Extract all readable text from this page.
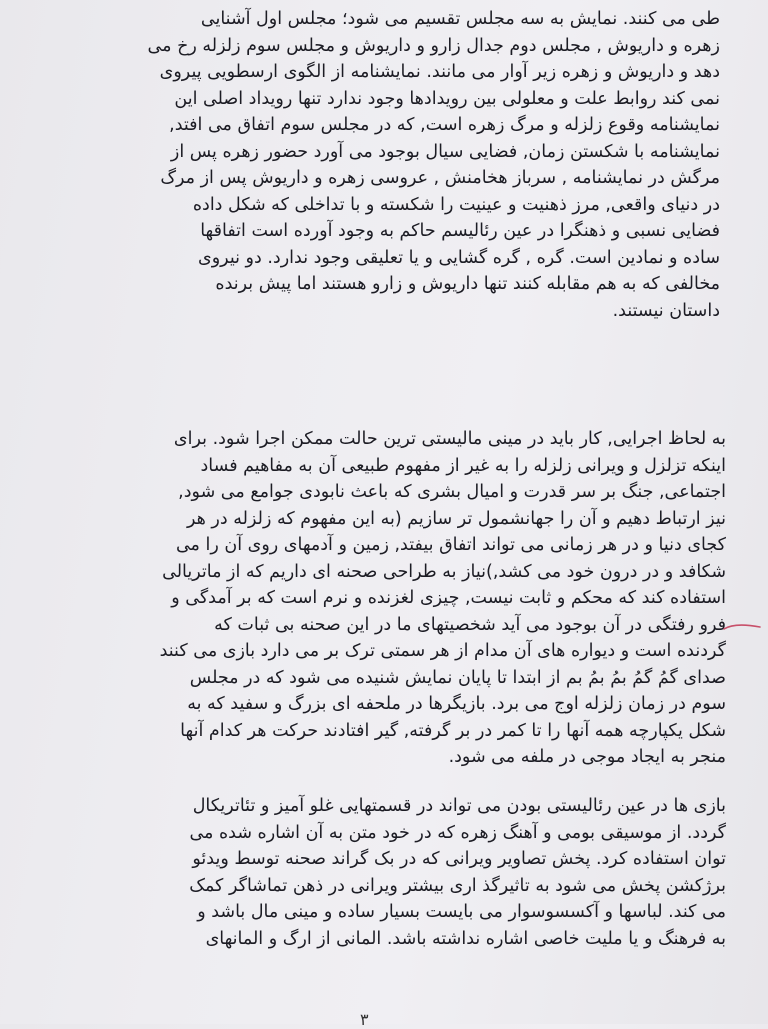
طی می کنند. نمایش به سه مجلس تقسیم می شود؛ مجلس اول آشنایی
زهره و داریوش , مجلس دوم جدال زارو و داریوش و مجلس سوم زلزله رخ می
دهد و داریوش و زهره زیر آوار می مانند. نمایشنامه از الگوی ارسطویی پیروی
نمی کند روابط علت و معلولی بین رویدادها وجود ندارد تنها رویداد اصلی این
نمایشنامه وقوع زلزله و مرگ زهره است, که در مجلس سوم اتفاق می افتد,
نمایشنامه با شکستن زمان, فضایی سیال بوجود می آورد حضور زهره پس از
مرگش در نمایشنامه , سرباز هخامنش , عروسی زهره و داریوش پس از مرگ
در دنیای واقعی, مرز ذهنیت و عینیت را شکسته و با تداخلی که شکل داده
فضایی نسبی و ذهنگرا در عین رئالیسم حاکم به وجود آورده است اتفاقها
ساده و نمادین است. گره , گره گشایی و یا تعلیقی وجود ندارد. دو نیروی
مخالفی که به هم مقابله کنند تنها داریوش و زارو هستند اما پیش برنده
داستان نیستند.
به لحاظ اجرایی, کار باید در مینی مالیستی ترین حالت ممکن اجرا شود. برای
اینکه تزلزل و ویرانی زلزله را به غیر از مفهوم طبیعی آن به مفاهیم فساد
اجتماعی, جنگ بر سر قدرت و امیال بشری که باعث نابودی جوامع می شود,
نیز ارتباط دهیم و آن را جهانشمول تر سازیم (به این مفهوم که زلزله در هر
کجای دنیا و در هر زمانی می تواند اتفاق بیفتد, زمین و آدمهای روی آن را می
شکافد و در درون خود می کشد,)نیاز به طراحی صحنه ای داریم که از ماتریالی
استفاده کند که محکم و ثابت نیست, چیزی لغزنده و نرم است که بر آمدگی و
فرو رفتگی در آن بوجود می آید شخصیتهای ما در این صحنه بی ثبات که
گردنده است و دیواره های آن مدام از هر سمتی ترک بر می دارد بازی می کنند
صدای گمُ گمُ بمُ بمُ بم از ابتدا تا پایان نمایش شنیده می شود که در مجلس
سوم در زمان زلزله اوج می برد. بازیگرها در ملحفه ای بزرگ و سفید که به
شکل یکپارچه همه آنها را تا کمر در بر گرفته, گیر افتادند حرکت هر کدام آنها
منجر به ایجاد موجی در ملفه می شود.
بازی ها در عین رئالیستی بودن می تواند در قسمتهایی غلو آمیز و تئاتریکال
گردد. از موسیقی بومی و آهنگ زهره که در خود متن به آن اشاره شده می
توان استفاده کرد. پخش تصاویر ویرانی که در بک گراند صحنه توسط ویدئو
برژکشن پخش می شود به تاثیرگذ اری بیشتر ویرانی در ذهن تماشاگر کمک
می کند. لباسها و آکسسوسوار می بایست بسیار ساده و مینی مال باشد و
به فرهنگ و یا ملیت خاصی اشاره نداشته باشد. المانی از ارگ و المانهای
۳
